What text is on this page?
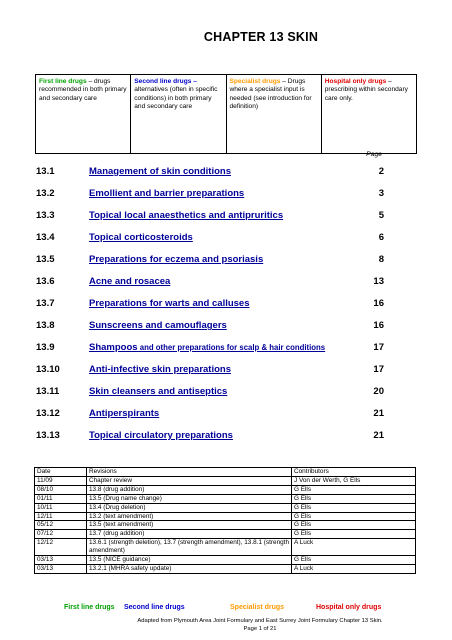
CHAPTER 13 SKIN
First line drugs – drugs recommended in both primary and secondary care
Second line drugs – alternatives (often in specific conditions) in both primary and secondary care
Specialist drugs – Drugs where a specialist input is needed (see introduction for definition)
Hospital only drugs – prescribing within secondary care only.
Page
13.1	Management of skin conditions	2
13.2	Emollient and barrier preparations	3
13.3	Topical local anaesthetics and antipruritics	5
13.4	Topical corticosteroids	6
13.5	Preparations for eczema and psoriasis	8
13.6	Acne and rosacea	13
13.7	Preparations for warts and calluses	16
13.8	Sunscreens and camouflagers	16
13.9	Shampoos and other preparations for scalp & hair conditions	17
13.10	Anti-infective skin preparations	17
13.11	Skin cleansers and antiseptics	20
13.12	Antiperspirants	21
13.13	Topical circulatory preparations	21
Date	Revisions	Contributors
11/09	Chapter review	J Von der Werth, G Ells
08/10	13.8 (drug addition)	G Ells
01/11	13.5 (Drug name change)	G Ells
10/11	13.4 (Drug deletion)	G Ells
12/11	13.2 (text amendment)	G Ells
05/12	13.5 (text amendment)	G Ells
07/12	13.7 (drug addition)	G Ells
12/12	13.6.1 (strength deletion), 13.7 (strength amendment), 13.8.1 (strength amendment)	A Luck
03/13	13.5 (NICE guidance)	G Ells
03/13	13.2.1 (MHRA safety update)	A Luck
First line drugs	Second line drugs	Specialist drugs	Hospital only drugs
Adapted from Plymouth Area Joint Formulary and East Surrey Joint Formulary Chapter 13 Skin.
Page 1 of 21
